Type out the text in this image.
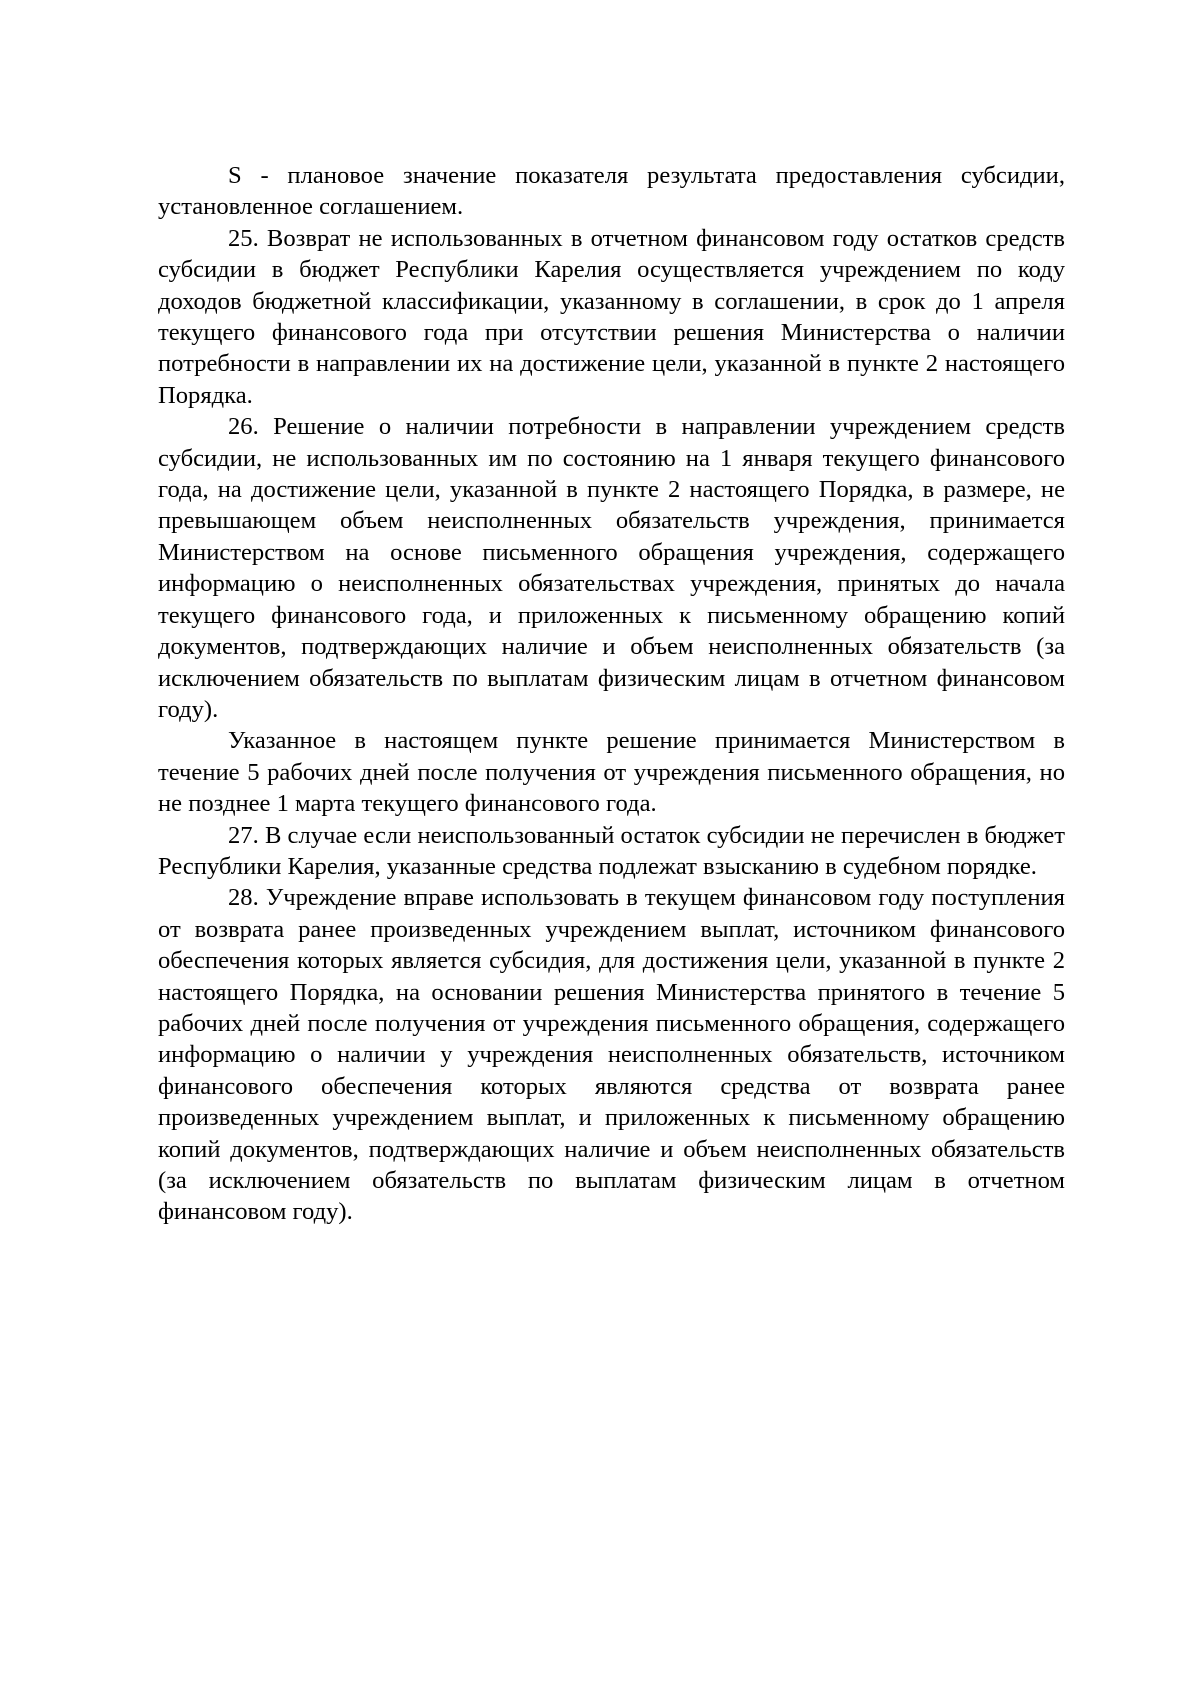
S - плановое значение показателя результата предоставления субсидии, установленное соглашением.

25. Возврат не использованных в отчетном финансовом году остатков средств субсидии в бюджет Республики Карелия осуществляется учреждением по коду доходов бюджетной классификации, указанному в соглашении, в срок до 1 апреля текущего финансового года при отсутствии решения Министерства о наличии потребности в направлении их на достижение цели, указанной в пункте 2 настоящего Порядка.

26. Решение о наличии потребности в направлении учреждением средств субсидии, не использованных им по состоянию на 1 января текущего финансового года, на достижение цели, указанной в пункте 2 настоящего Порядка, в размере, не превышающем объем неисполненных обязательств учреждения, принимается Министерством на основе письменного обращения учреждения, содержащего информацию о неисполненных обязательствах учреждения, принятых до начала текущего финансового года, и приложенных к письменному обращению копий документов, подтверждающих наличие и объем неисполненных обязательств (за исключением обязательств по выплатам физическим лицам в отчетном финансовом году).

Указанное в настоящем пункте решение принимается Министерством в течение 5 рабочих дней после получения от учреждения письменного обращения, но не позднее 1 марта текущего финансового года.

27. В случае если неиспользованный остаток субсидии не перечислен в бюджет Республики Карелия, указанные средства подлежат взысканию в судебном порядке.

28. Учреждение вправе использовать в текущем финансовом году поступления от возврата ранее произведенных учреждением выплат, источником финансового обеспечения которых является субсидия, для достижения цели, указанной в пункте 2 настоящего Порядка, на основании решения Министерства принятого в течение 5 рабочих дней после получения от учреждения письменного обращения, содержащего информацию о наличии у учреждения неисполненных обязательств, источником финансового обеспечения которых являются средства от возврата ранее произведенных учреждением выплат, и приложенных к письменному обращению копий документов, подтверждающих наличие и объем неисполненных обязательств (за исключением обязательств по выплатам физическим лицам в отчетном финансовом году).
